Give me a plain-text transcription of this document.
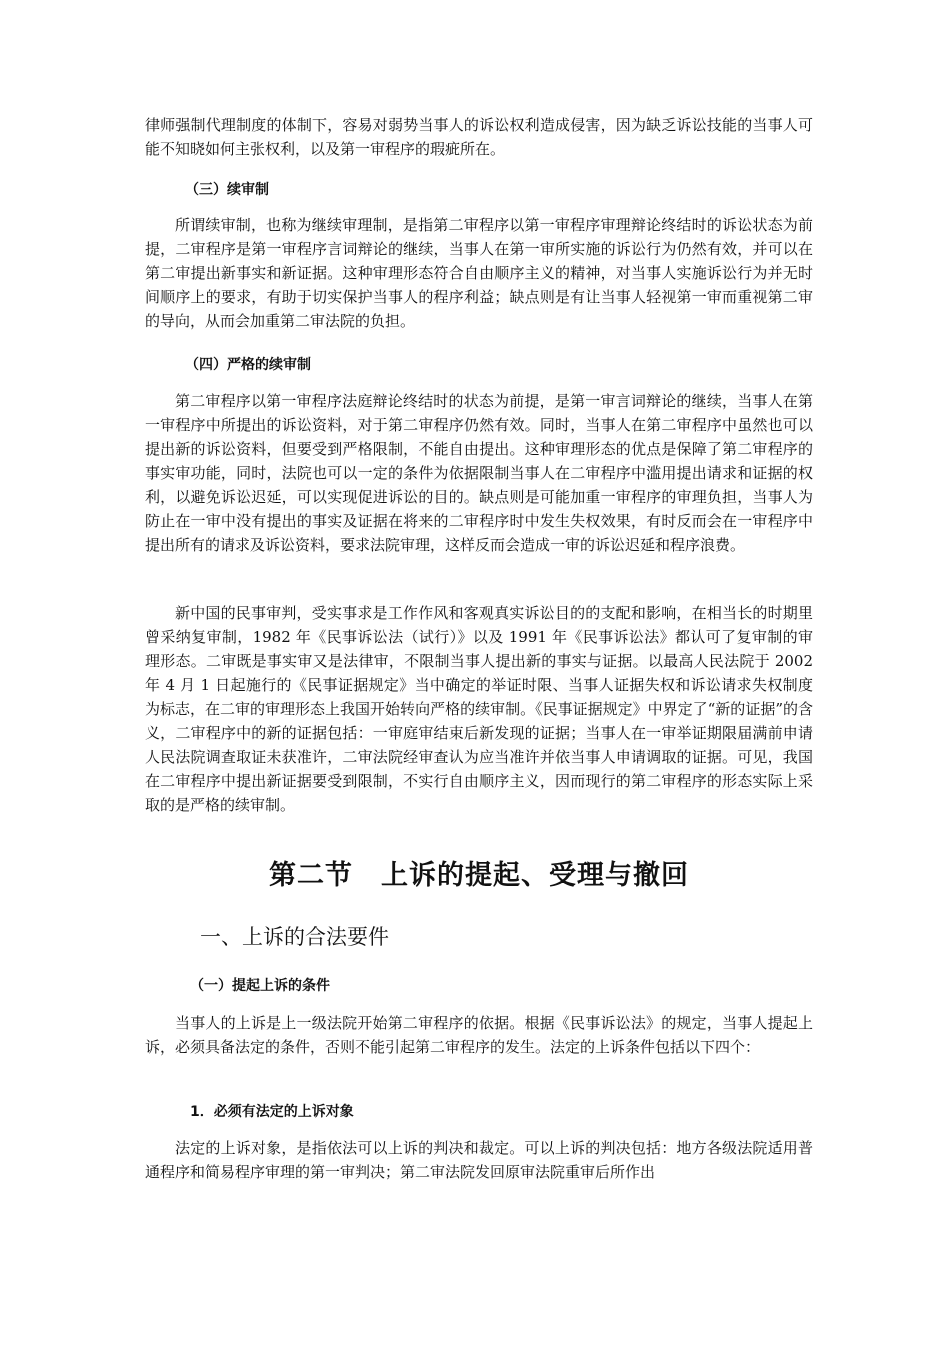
律师强制代理制度的体制下，容易对弱势当事人的诉讼权利造成侵害，因为缺乏诉讼技能的当事人可能不知晓如何主张权利，以及第一审程序的瑕疵所在。

（三）续审制

所谓续审制，也称为继续审理制，是指第二审程序以第一审程序审理辩论终结时的诉讼状态为前提，二审程序是第一审程序言词辩论的继续，当事人在第一审所实施的诉讼行为仍然有效，并可以在第二审提出新事实和新证据。这种审理形态符合自由顺序主义的精神，对当事人实施诉讼行为并无时间顺序上的要求，有助于切实保护当事人的程序利益；缺点则是有让当事人轻视第一审而重视第二审的导向，从而会加重第二审法院的负担。

（四）严格的续审制

第二审程序以第一审程序法庭辩论终结时的状态为前提，是第一审言词辩论的继续，当事人在第一审程序中所提出的诉讼资料，对于第二审程序仍然有效。同时，当事人在第二审程序中虽然也可以提出新的诉讼资料，但要受到严格限制，不能自由提出。这种审理形态的优点是保障了第二审程序的事实审功能，同时，法院也可以一定的条件为依据限制当事人在二审程序中滥用提出请求和证据的权利，以避免诉讼迟延，可以实现促进诉讼的目的。缺点则是可能加重一审程序的审理负担，当事人为防止在一审中没有提出的事实及证据在将来的二审程序时中发生失权效果，有时反而会在一审程序中提出所有的请求及诉讼资料，要求法院审理，这样反而会造成一审的诉讼迟延和程序浪费。

新中国的民事审判，受实事求是工作作风和客观真实诉讼目的的支配和影响，在相当长的时期里曾采纳复审制，1982 年《民事诉讼法（试行）》以及 1991 年《民事诉讼法》都认可了复审制的审理形态。二审既是事实审又是法律审，不限制当事人提出新的事实与证据。以最高人民法院于 2002 年 4 月 1 日起施行的《民事证据规定》当中确定的举证时限、当事人证据失权和诉讼请求失权制度为标志，在二审的审理形态上我国开始转向严格的续审制。《民事证据规定》中界定了“新的证据”的含义，二审程序中的新的证据包括：一审庭审结束后新发现的证据；当事人在一审举证期限届满前申请人民法院调查取证未获准许，二审法院经审查认为应当准许并依当事人申请调取的证据。可见，我国在二审程序中提出新证据要受到限制，不实行自由顺序主义，因而现行的第二审程序的形态实际上采取的是严格的续审制。

第二节　上诉的提起、受理与撤回
一、上诉的合法要件
（一）提起上诉的条件

当事人的上诉是上一级法院开始第二审程序的依据。根据《民事诉讼法》的规定，当事人提起上诉，必须具备法定的条件，否则不能引起第二审程序的发生。法定的上诉条件包括以下四个：

1．必须有法定的上诉对象

法定的上诉对象，是指依法可以上诉的判决和裁定。可以上诉的判决包括：地方各级法院适用普通程序和简易程序审理的第一审判决；第二审法院发回原审法院重审后所作出
